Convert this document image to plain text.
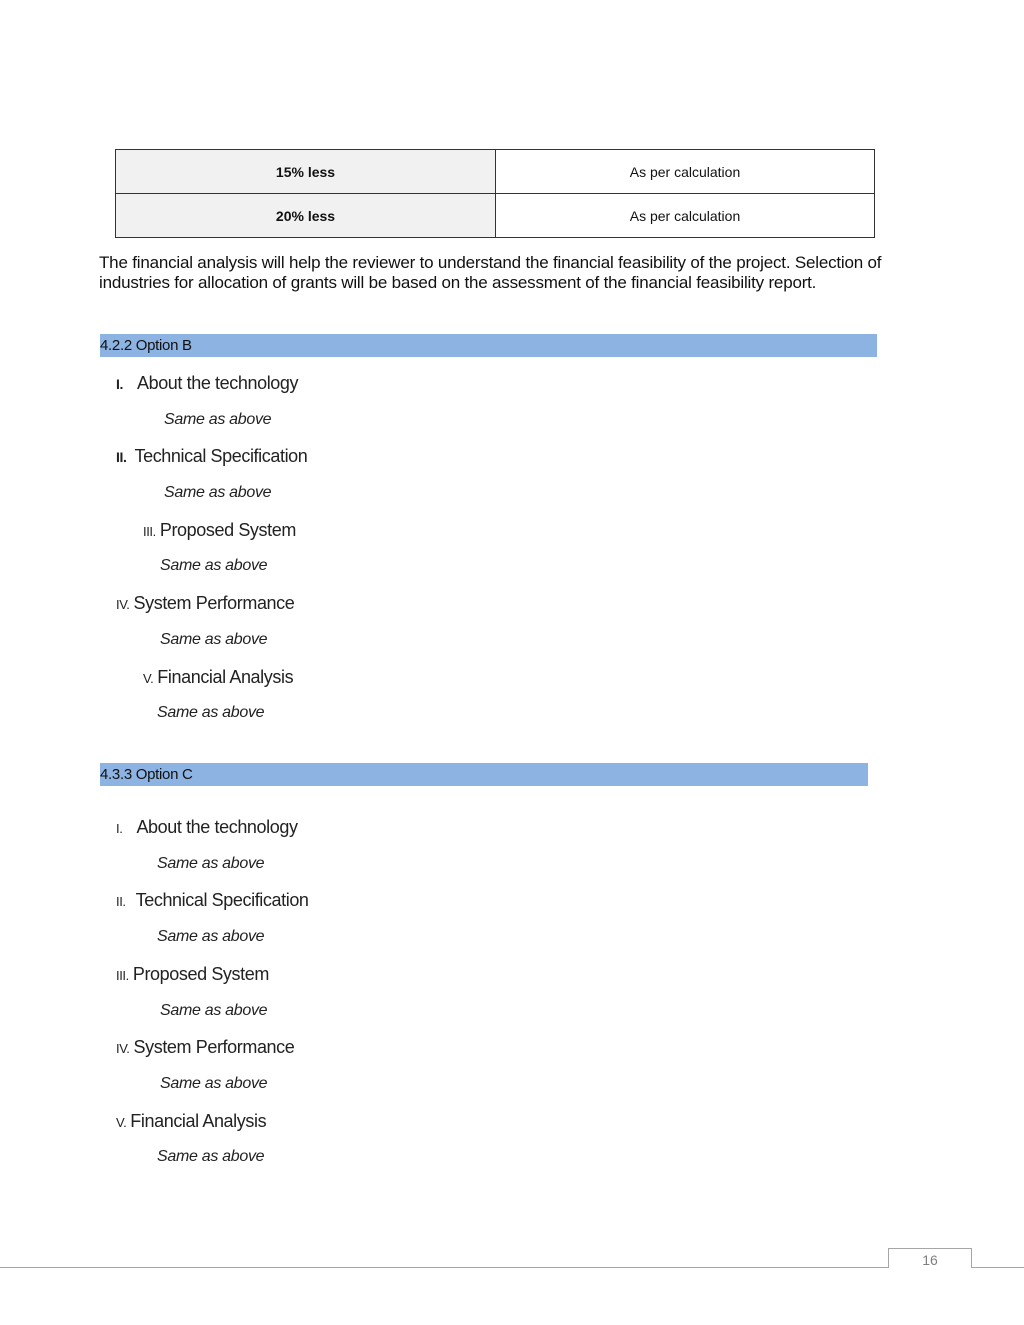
15% less	As per calculation
20% less	As per calculation
The financial analysis will help the reviewer to understand the financial feasibility of the project. Selection of industries for allocation of grants will be based on the assessment of the financial feasibility report.
4.2.2 Option B
I. About the technology
Same as above
II. Technical Specification
Same as above
III. Proposed System
Same as above
IV. System Performance
Same as above
V. Financial Analysis
Same as above
4.3.3 Option C
I. About the technology
Same as above
II. Technical Specification
Same as above
III. Proposed System
Same as above
IV. System Performance
Same as above
V. Financial Analysis
Same as above
16
